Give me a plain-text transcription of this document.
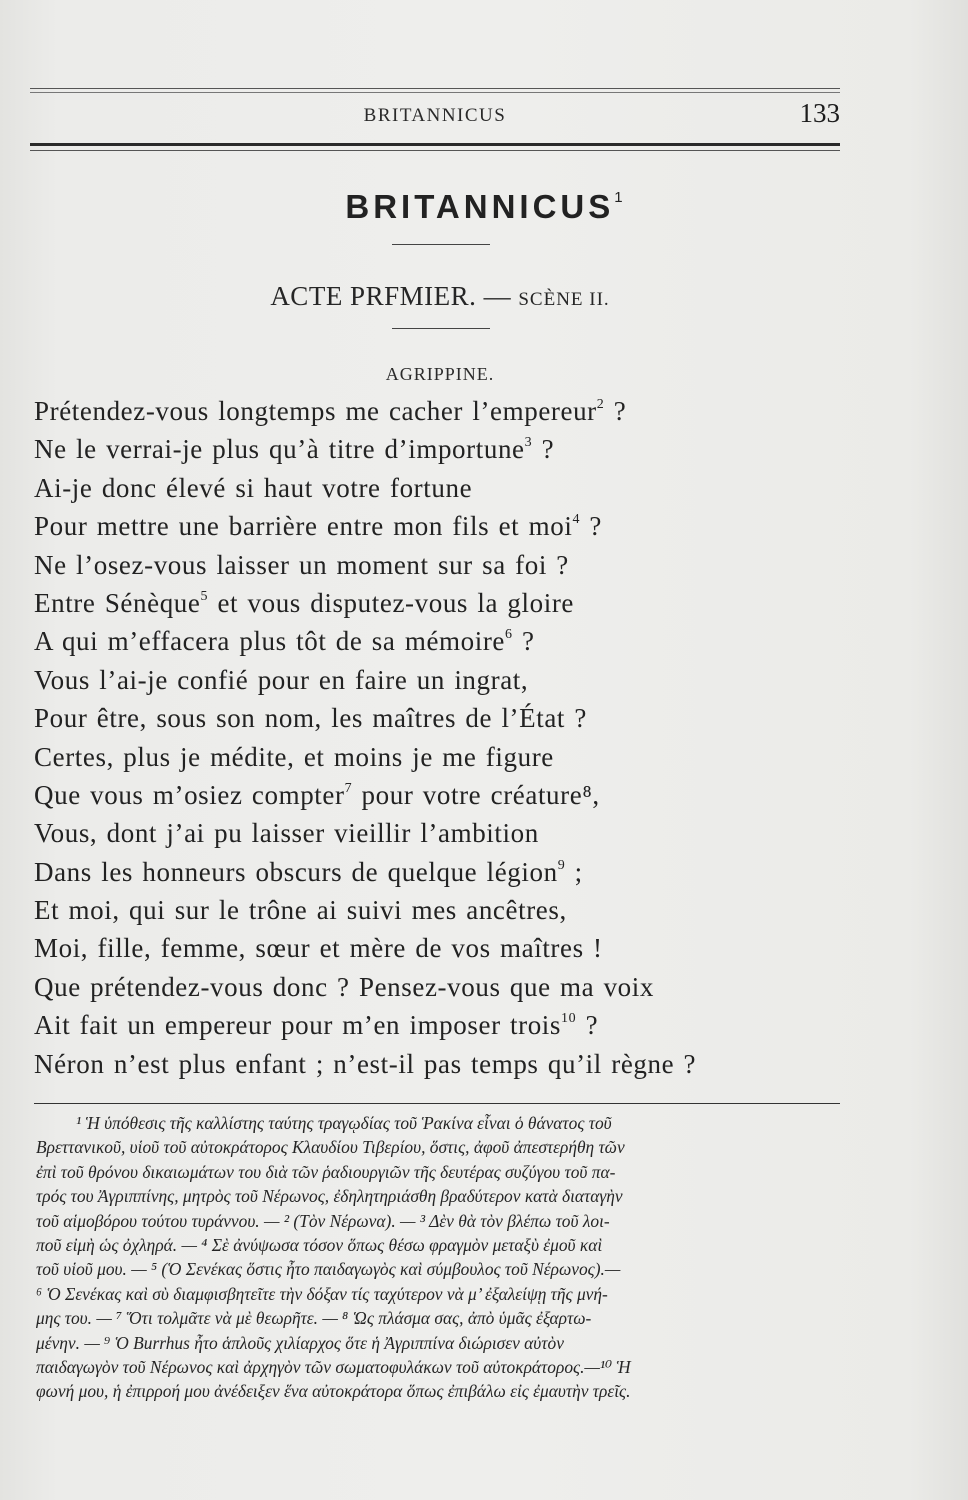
BRITANNICUS	133
BRITANNICUS$^1$
ACTE PRFMIER. — SCÈNE II.
AGRIPPINE.
Prétendez-vous longtemps me cacher l’empereur$^2$ ?
Ne le verrai-je plus qu’à titre d’importune$^3$ ?
Ai-je donc élevé si haut votre fortune
Pour mettre une barrière entre mon fils et moi$^4$ ?
Ne l’osez-vous laisser un moment sur sa foi ?
Entre Sénèque$^5$ et vous disputez-vous la gloire
A qui m’effacera plus tôt de sa mémoire$^6$ ?
Vous l’ai-je confié pour en faire un ingrat,
Pour être, sous son nom, les maîtres de l’État ?
Certes, plus je médite, et moins je me figure
Que vous m’osiez compter$^7$ pour votre créature⁸,
Vous, dont j’ai pu laisser vieillir l’ambition
Dans les honneurs obscurs de quelque légion$^9$ ;
Et moi, qui sur le trône ai suivi mes ancêtres,
Moi, fille, femme, sœur et mère de vos maîtres !
Que prétendez-vous donc ? Pensez-vous que ma voix
Ait fait un empereur pour m’en imposer trois$^{10}$ ?
Néron n’est plus enfant ; n’est-il pas temps qu’il règne ?
¹ Ἡ ὑπόθεσις τῆς καλλίστης ταύτης τραγῳδίας τοῦ Ῥακίνα εἶναι ὁ θάνατος τοῦ
Βρεττανικοῦ, υἱοῦ τοῦ αὐτοκράτορος Κλαυδίου Τιβερίου, ὅστις, ἀφοῦ ἀπεστερήθη τῶν
ἐπὶ τοῦ θρόνου δικαιωμάτων του διὰ τῶν ῥαδιουργιῶν τῆς δευτέρας συζύγου τοῦ πα-
τρός του Ἀγριππίνης, μητρὸς τοῦ Νέρωνος, ἐδηλητηριάσθη βραδύτερον κατὰ διαταγὴν
τοῦ αἱμοβόρου τούτου τυράννου. — ² (Τὸν Νέρωνα). — ³ Δὲν θὰ τὸν βλέπω τοῦ λοι-
ποῦ εἰμὴ ὡς ὀχληρά. — ⁴ Σὲ ἀνύψωσα τόσον ὅπως θέσω φραγμὸν μεταξὺ ἐμοῦ καὶ
τοῦ υἱοῦ μου. — ⁵ (Ὁ Σενέκας ὅστις ἦτο παιδαγωγὸς καὶ σύμβουλος τοῦ Νέρωνος).—
⁶ Ὁ Σενέκας καὶ σὺ διαμφισβητεῖτε τὴν δόξαν τίς ταχύτερον νὰ μ’ ἐξαλείψῃ τῆς μνή-
μης του. — ⁷ Ὅτι τολμᾶτε νὰ μὲ θεωρῆτε. — ⁸ Ὡς πλάσμα σας, ἀπὸ ὑμᾶς ἐξαρτω-
μένην. — ⁹ Ὁ Burrhus ἦτο ἁπλοῦς χιλίαρχος ὅτε ἡ Ἀγριππίνα διώρισεν αὐτὸν
παιδαγωγὸν τοῦ Νέρωνος καὶ ἀρχηγὸν τῶν σωματοφυλάκων τοῦ αὐτοκράτορος.—¹⁰ Ἡ
φωνή μου, ἡ ἐπιρροή μου ἀνέδειξεν ἕνα αὐτοκράτορα ὅπως ἐπιβάλω εἰς ἐμαυτὴν τρεῖς.
